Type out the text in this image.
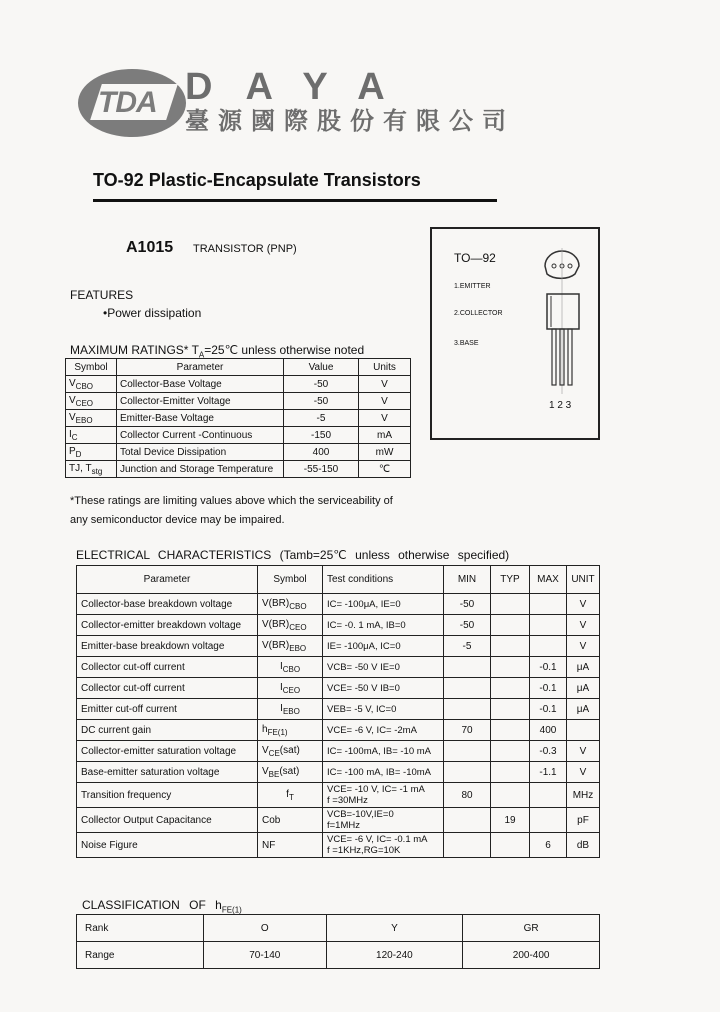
TDA DAYA
臺源國際股份有限公司
TO-92 Plastic-Encapsulate Transistors
A1015 TRANSISTOR (PNP)
FEATURES
•Power dissipation
TO—92
1.EMITTER
2.COLLECTOR
3.BASE
1 2 3
MAXIMUM RATINGS* $T_A=25℃$ unless otherwise noted
Symbol	Parameter	Value	Units
$V_{CBO}$	Collector-Base Voltage	-50	V
$V_{CEO}$	Collector-Emitter Voltage	-50	V
$V_{EBO}$	Emitter-Base Voltage	-5	V
$I_C$	Collector Current -Continuous	-150	mA
$P_D$	Total Device Dissipation	400	mW
TJ, $T_{stg}$	Junction and Storage Temperature	-55-150	℃
*These ratings are limiting values above which the serviceability of any semiconductor device may be impaired.
ELECTRICAL CHARACTERISTICS (Tamb=25℃ unless otherwise specified)
Parameter	Symbol	Test conditions	MIN	TYP	MAX	UNIT
Collector-base breakdown voltage	$V(BR)_{CBO}$	IC= -100μA, IE=0	-50			V
Collector-emitter breakdown voltage	$V(BR)_{CEO}$	IC= -0. 1 mA, IB=0	-50			V
Emitter-base breakdown voltage	$V(BR)_{EBO}$	IE= -100μA, IC=0	-5			V
Collector cut-off current	$I_{CBO}$	VCB= -50 V IE=0			-0.1	μA
Collector cut-off current	$I_{CEO}$	VCE= -50 V IB=0			-0.1	μA
Emitter cut-off current	$I_{EBO}$	VEB= -5 V, IC=0			-0.1	μA
DC current gain	$h_{FE(1)}$	VCE= -6 V, IC= -2mA	70		400	
Collector-emitter saturation voltage	$V_{CE}(sat)$	IC= -100mA, IB= -10 mA			-0.3	V
Base-emitter saturation voltage	$V_{BE}(sat)$	IC= -100 mA, IB= -10mA			-1.1	V
Transition frequency	$f_T$	VCE= -10 V, IC= -1 mA
f =30MHz	80			MHz
Collector Output Capacitance	Cob	VCB=-10V,IE=0
f=1MHz		19		pF
Noise Figure	NF	VCE= -6 V, IC= -0.1 mA
f =1KHz,RG=10K			6	dB
CLASSIFICATION OF $h_{FE(1)}$
Rank	O	Y	GR
Range	70-140	120-240	200-400
